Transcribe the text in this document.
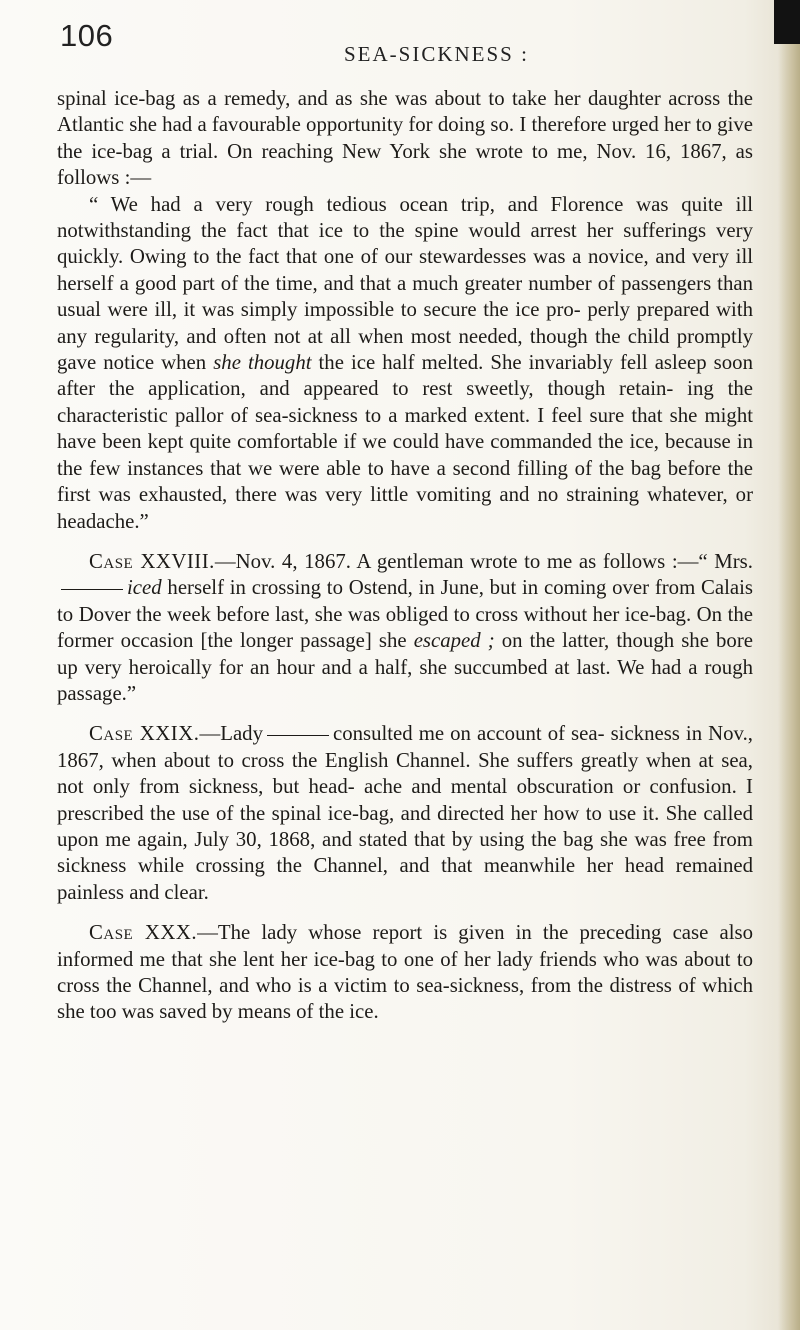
106
SEA-SICKNESS :

spinal ice-bag as a remedy, and as she was about to take her daughter across the Atlantic she had a favourable opportunity for doing so. I therefore urged her to give the ice-bag a trial. On reaching New York she wrote to me, Nov. 16, 1867, as follows :—

“ We had a very rough tedious ocean trip, and Florence was quite ill notwithstanding the fact that ice to the spine would arrest her sufferings very quickly. Owing to the fact that one of our stewardesses was a novice, and very ill herself a good part of the time, and that a much greater number of passengers than usual were ill, it was simply impossible to secure the ice pro- perly prepared with any regularity, and often not at all when most needed, though the child promptly gave notice when she thought the ice half melted. She invariably fell asleep soon after the application, and appeared to rest sweetly, though retain- ing the characteristic pallor of sea-sickness to a marked extent. I feel sure that she might have been kept quite comfortable if we could have commanded the ice, because in the few instances that we were able to have a second filling of the bag before the first was exhausted, there was very little vomiting and no straining whatever, or headache.”

Case XXVIII.—Nov. 4, 1867. A gentleman wrote to me as follows :—“ Mrs.iced herself in crossing to Ostend, in June, but in coming over from Calais to Dover the week before last, she was obliged to cross without her ice-bag. On the former occasion [the longer passage] she escaped ; on the latter, though she bore up very heroically for an hour and a half, she succumbed at last. We had a rough passage.”

Case XXIX.—Lady	consulted me on account of sea- sickness in Nov., 1867, when about to cross the English Channel. She suffers greatly when at sea, not only from sickness, but head- ache and mental obscuration or confusion. I prescribed the use of the spinal ice-bag, and directed her how to use it. She called upon me again, July 30, 1868, and stated that by using the bag she was free from sickness while crossing the Channel, and that meanwhile her head remained painless and clear.

Case XXX.—The lady whose report is given in the preceding case also informed me that she lent her ice-bag to one of her lady friends who was about to cross the Channel, and who is a victim to sea-sickness, from the distress of which she too was saved by means of the ice.
